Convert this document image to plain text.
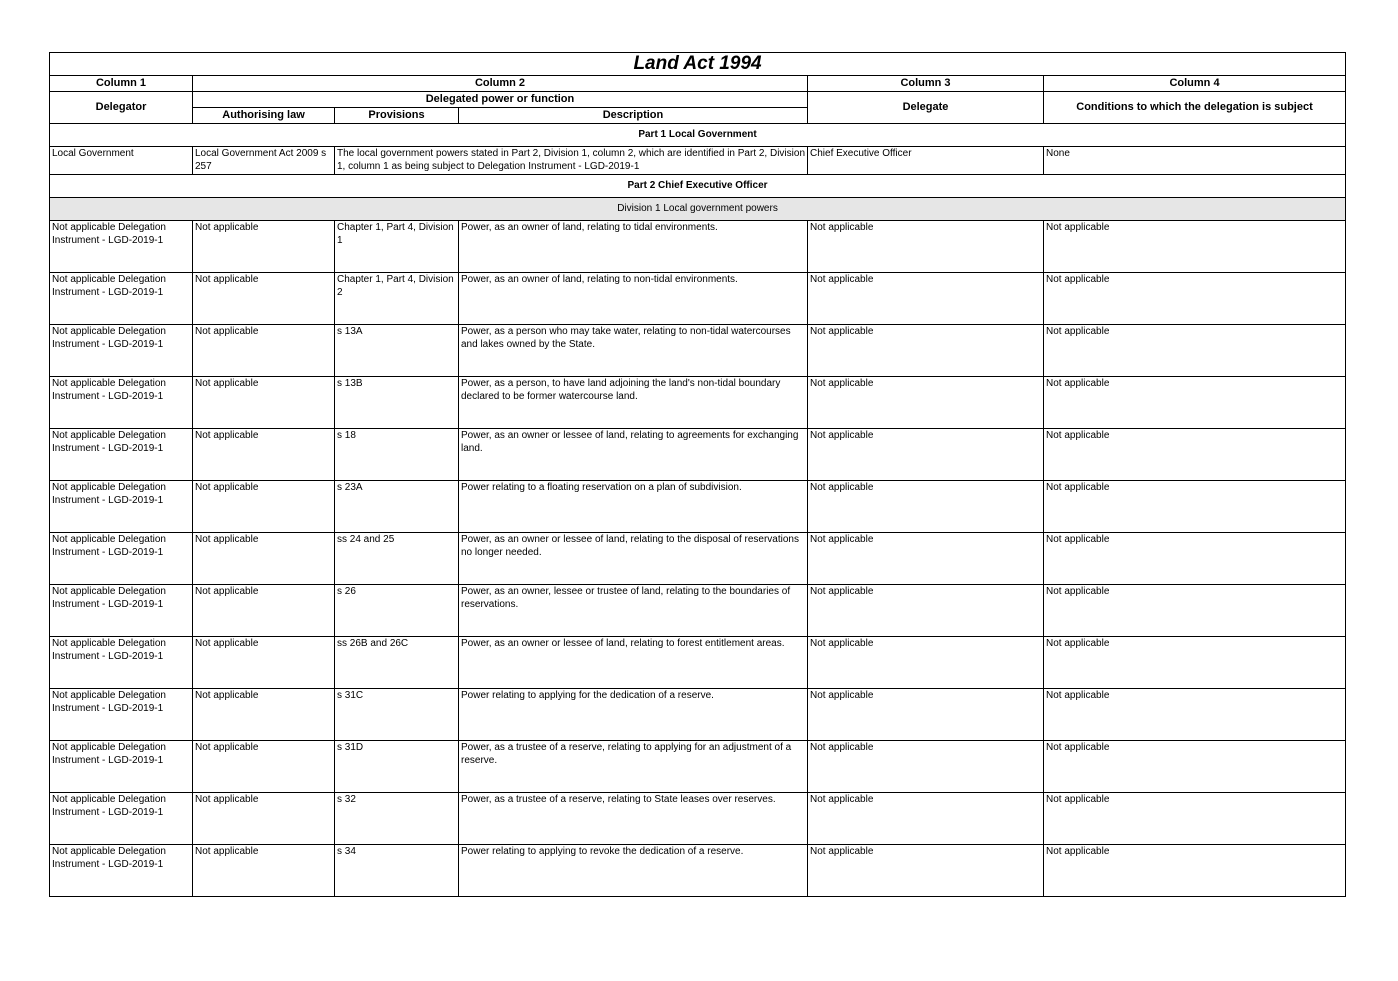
Land Act 1994					
Column 1	Column 2			Column 3	Column 4
Delegator	Delegated power or function			Delegate	Conditions to which the delegation is subject
	Authorising law	Provisions	Description		
Part 1 Local Government					
Local Government	Local Government Act 2009 s 257	The local government powers stated in Part 2, Division 1, column 2, which are identified in Part 2, Division 1, column 1 as being subject to Delegation Instrument - LGD-2019-1		Chief Executive Officer	None
Part 2 Chief Executive Officer					
Division 1 Local government powers					
Not applicable Delegation Instrument - LGD-2019-1	Not applicable	Chapter 1, Part 4, Division 1	Power, as an owner of land, relating to tidal environments.	Not applicable	Not applicable
Not applicable Delegation Instrument - LGD-2019-1	Not applicable	Chapter 1, Part 4, Division 2	Power, as an owner of land, relating to non-tidal environments.	Not applicable	Not applicable
Not applicable Delegation Instrument - LGD-2019-1	Not applicable	s 13A	Power, as a person who may take water, relating to non-tidal watercourses and lakes owned by the State.	Not applicable	Not applicable
Not applicable Delegation Instrument - LGD-2019-1	Not applicable	s 13B	Power, as a person, to have land adjoining the land's non-tidal boundary declared to be former watercourse land.	Not applicable	Not applicable
Not applicable Delegation Instrument - LGD-2019-1	Not applicable	s 18	Power, as an owner or lessee of land, relating to agreements for exchanging land.	Not applicable	Not applicable
Not applicable Delegation Instrument - LGD-2019-1	Not applicable	s 23A	Power relating to a floating reservation on a plan of subdivision.	Not applicable	Not applicable
Not applicable Delegation Instrument - LGD-2019-1	Not applicable	ss 24 and 25	Power, as an owner or lessee of land, relating to the disposal of reservations no longer needed.	Not applicable	Not applicable
Not applicable Delegation Instrument - LGD-2019-1	Not applicable	s 26	Power, as an owner, lessee or trustee of land, relating to the boundaries of reservations.	Not applicable	Not applicable
Not applicable Delegation Instrument - LGD-2019-1	Not applicable	ss 26B and 26C	Power, as an owner or lessee of land, relating to forest entitlement areas.	Not applicable	Not applicable
Not applicable Delegation Instrument - LGD-2019-1	Not applicable	s 31C	Power relating to applying for the dedication of a reserve.	Not applicable	Not applicable
Not applicable Delegation Instrument - LGD-2019-1	Not applicable	s 31D	Power, as a trustee of a reserve, relating to applying for an adjustment of a reserve.	Not applicable	Not applicable
Not applicable Delegation Instrument - LGD-2019-1	Not applicable	s 32	Power, as a trustee of a reserve, relating to State leases over reserves.	Not applicable	Not applicable
Not applicable Delegation Instrument - LGD-2019-1	Not applicable	s 34	Power relating to applying to revoke the dedication of a reserve.	Not applicable	Not applicable
